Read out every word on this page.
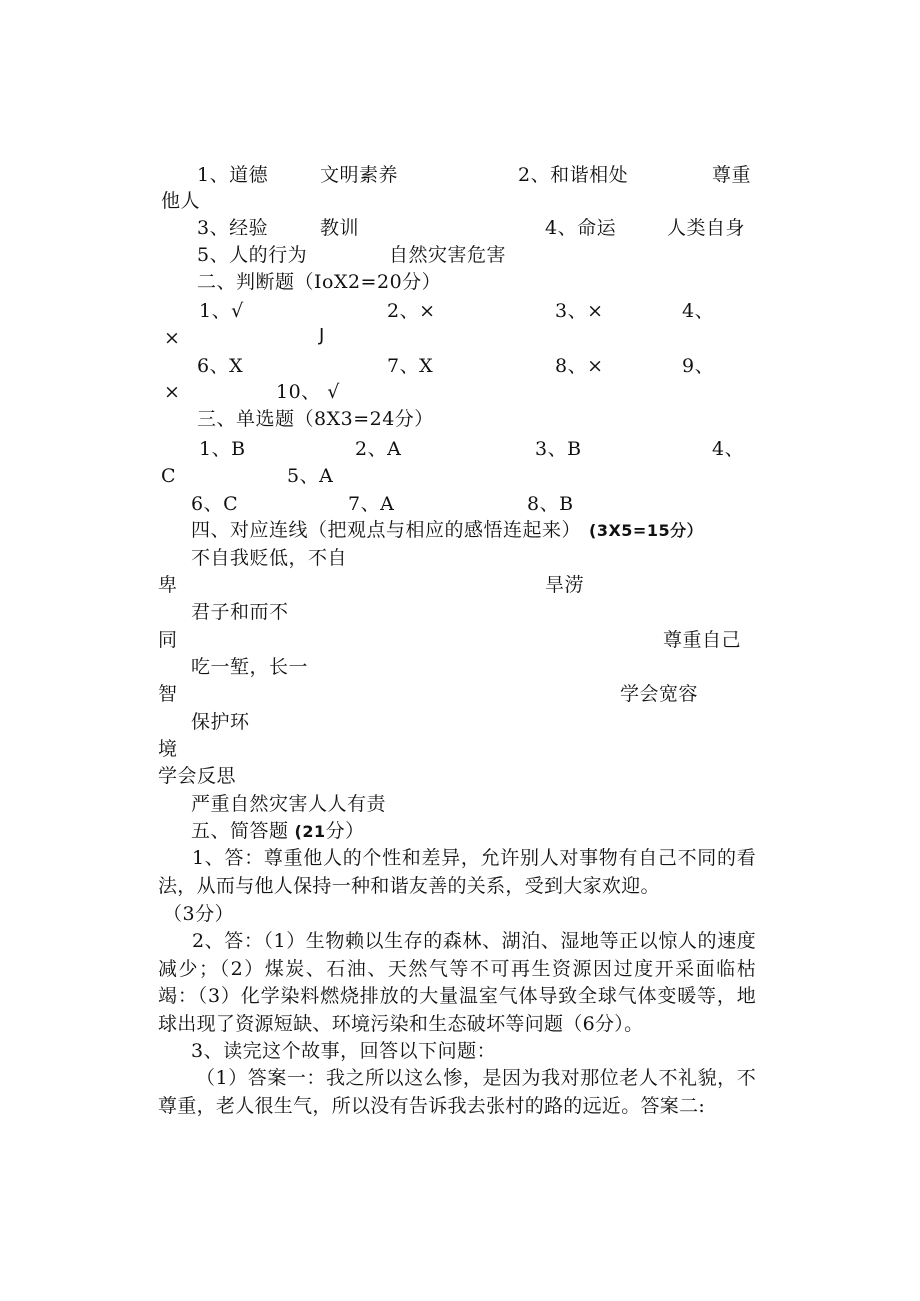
1、道德	文明素养	2、和谐相处	尊重
他人
3、经验	教训	4、命运	人类自身
5、人的行为	自然灾害危害
二、判断题（IoX2=20分）
1、√	2、×	3、×	4、
×	J
6、X	7、X	8、×	9、
×	10、 √
三、单选题（8X3=24分）
1、B	2、A	3、B	4、
C	5、A
6、C	7、A	8、B
四、对应连线（把观点与相应的感悟连起来） (3X5=15分）
不自我贬低，不自
卑	旱涝
君子和而不
同	尊重自己
吃一堑，长一
智	学会宽容
保护环
境
学会反思
严重自然灾害人人有责
五、简答题 (21分）
1、答：尊重他人的个性和差异，允许别人对事物有自己不同的看法，从而与他人保持一种和谐友善的关系，受到大家欢迎。
（3分）
2、答：（1）生物赖以生存的森林、湖泊、湿地等正以惊人的速度减少；（2）煤炭、石油、天然气等不可再生资源因过度开采面临枯竭：（3）化学染料燃烧排放的大量温室气体导致全球气体变暖等，地球出现了资源短缺、环境污染和生态破坏等问题（6分）。
3、读完这个故事，回答以下问题：
（1）答案一：我之所以这么惨，是因为我对那位老人不礼貌，不尊重，老人很生气，所以没有告诉我去张村的路的远近。答案二:
